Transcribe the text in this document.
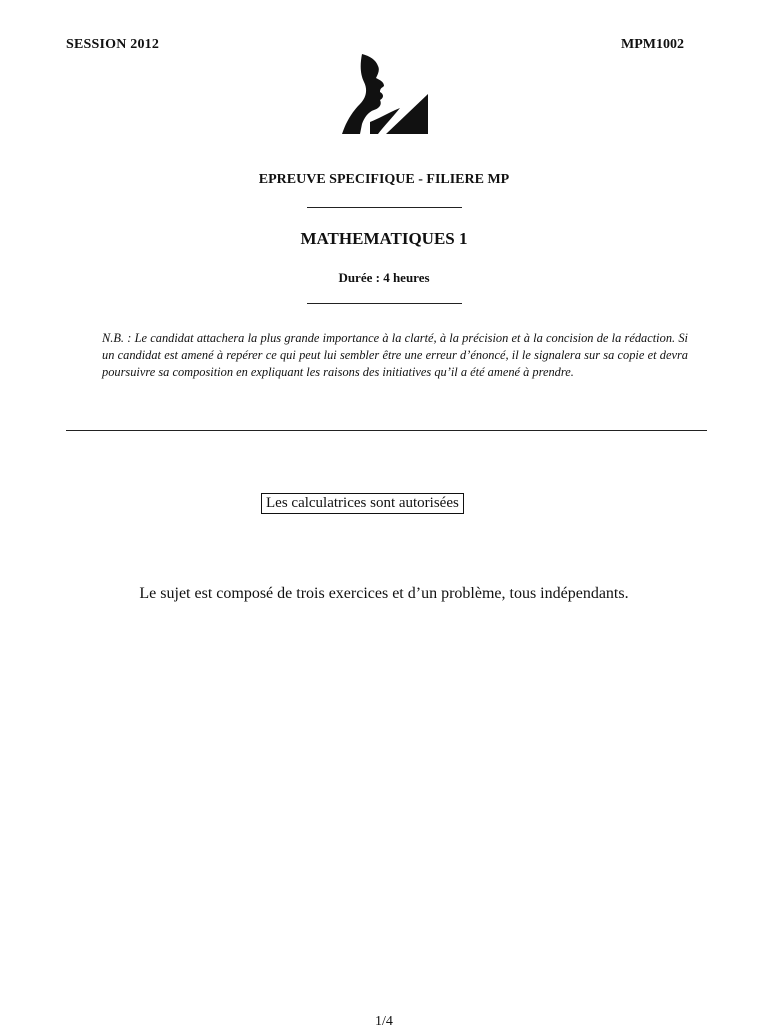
SESSION 2012	MPM1002
EPREUVE SPECIFIQUE - FILIERE MP
MATHEMATIQUES 1
Durée : 4 heures
N.B. : Le candidat attachera la plus grande importance à la clarté, à la précision et à la concision de la rédaction. Si un candidat est amené à repérer ce qui peut lui sembler être une erreur d’énoncé, il le signalera sur sa copie et devra poursuivre sa composition en expliquant les raisons des initiatives qu’il a été amené à prendre.
Les calculatrices sont autorisées
Le sujet est composé de trois exercices et d’un problème, tous indépendants.
1/4
